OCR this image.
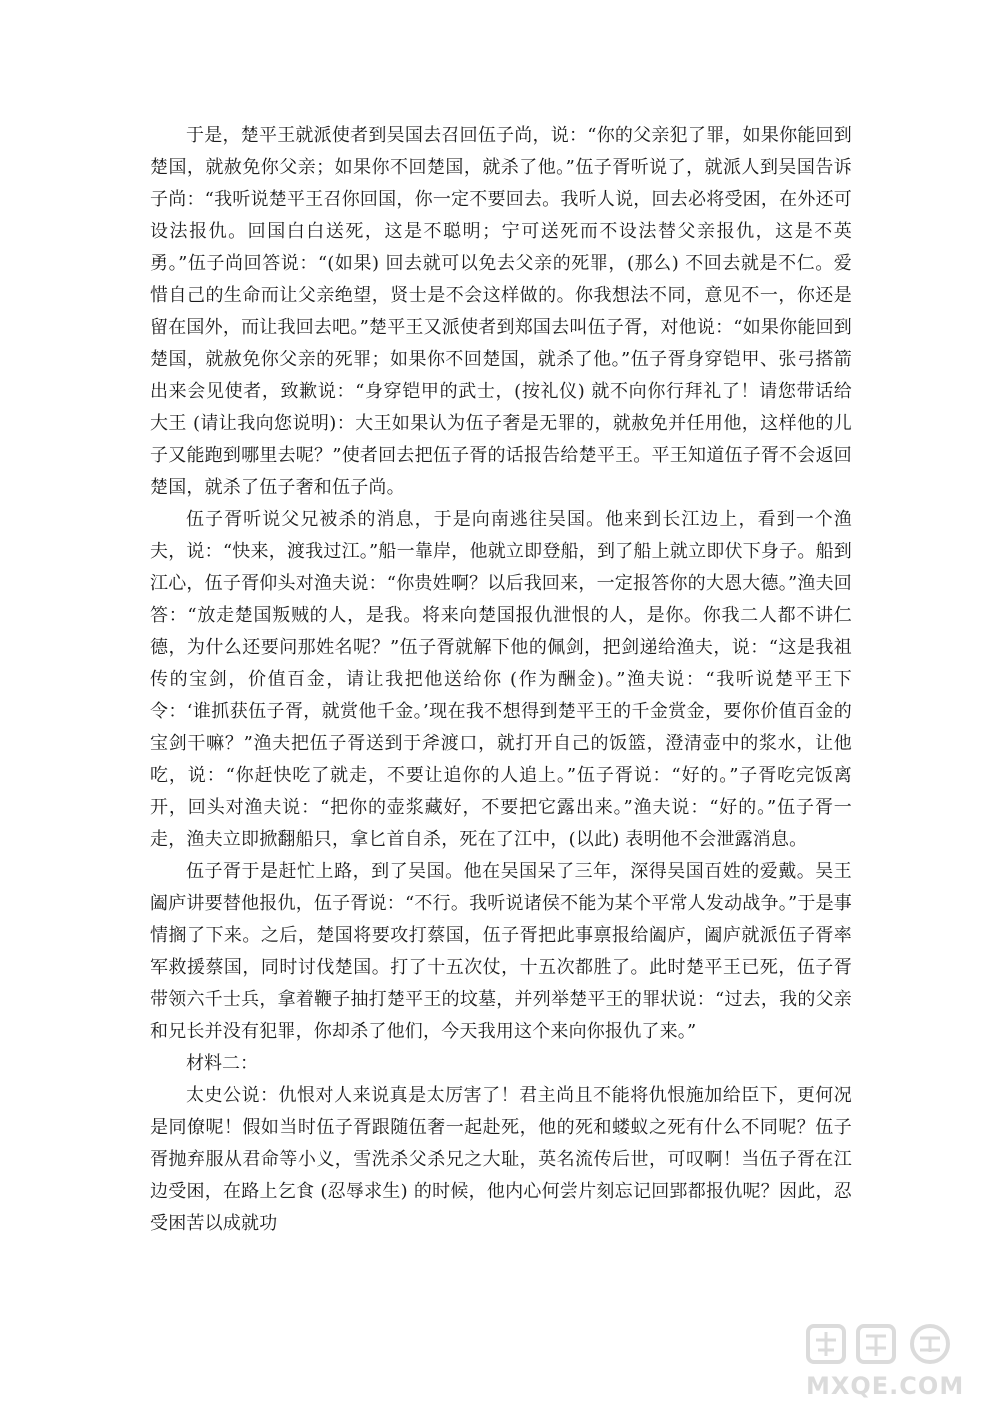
于是，楚平王就派使者到吴国去召回伍子尚，说：“你的父亲犯了罪，如果你能回到楚国，就赦免你父亲；如果你不回楚国，就杀了他。”伍子胥听说了，就派人到吴国告诉子尚：“我听说楚平王召你回国，你一定不要回去。我听人说，回去必将受困，在外还可设法报仇。回国白白送死，这是不聪明；宁可送死而不设法替父亲报仇，这是不英勇。”伍子尚回答说：“(如果) 回去就可以免去父亲的死罪，(那么) 不回去就是不仁。爱惜自己的生命而让父亲绝望，贤士是不会这样做的。你我想法不同，意见不一，你还是留在国外，而让我回去吧。”楚平王又派使者到郑国去叫伍子胥，对他说：“如果你能回到楚国，就赦免你父亲的死罪；如果你不回楚国，就杀了他。”伍子胥身穿铠甲、张弓搭箭出来会见使者，致歉说：“身穿铠甲的武士，(按礼仪) 就不向你行拜礼了！请您带话给大王 (请让我向您说明)：大王如果认为伍子奢是无罪的，就赦免并任用他，这样他的儿子又能跑到哪里去呢？”使者回去把伍子胥的话报告给楚平王。平王知道伍子胥不会返回楚国，就杀了伍子奢和伍子尚。

伍子胥听说父兄被杀的消息，于是向南逃往吴国。他来到长江边上，看到一个渔夫，说：“快来，渡我过江。”船一靠岸，他就立即登船，到了船上就立即伏下身子。船到江心，伍子胥仰头对渔夫说：“你贵姓啊？以后我回来，一定报答你的大恩大德。”渔夫回答：“放走楚国叛贼的人，是我。将来向楚国报仇泄恨的人，是你。你我二人都不讲仁德，为什么还要问那姓名呢？”伍子胥就解下他的佩剑，把剑递给渔夫，说：“这是我祖传的宝剑，价值百金，请让我把他送给你 (作为酬金)。”渔夫说：“我听说楚平王下令：‘谁抓获伍子胥，就赏他千金。’现在我不想得到楚平王的千金赏金，要你价值百金的宝剑干嘛？”渔夫把伍子胥送到于斧渡口，就打开自己的饭篮，澄清壶中的浆水，让他吃，说：“你赶快吃了就走，不要让追你的人追上。”伍子胥说：“好的。”子胥吃完饭离开，回头对渔夫说：“把你的壶浆藏好，不要把它露出来。”渔夫说：“好的。”伍子胥一走，渔夫立即掀翻船只，拿匕首自杀，死在了江中，(以此) 表明他不会泄露消息。

伍子胥于是赶忙上路，到了吴国。他在吴国呆了三年，深得吴国百姓的爱戴。吴王阖庐讲要替他报仇，伍子胥说：“不行。我听说诸侯不能为某个平常人发动战争。”于是事情搁了下来。之后，楚国将要攻打蔡国，伍子胥把此事禀报给阖庐，阖庐就派伍子胥率军救援蔡国，同时讨伐楚国。打了十五次仗，十五次都胜了。此时楚平王已死，伍子胥带领六千士兵，拿着鞭子抽打楚平王的坟墓，并列举楚平王的罪状说：“过去，我的父亲和兄长并没有犯罪，你却杀了他们，今天我用这个来向你报仇了来。”

材料二：

太史公说：仇恨对人来说真是太厉害了！君主尚且不能将仇恨施加给臣下，更何况是同僚呢！假如当时伍子胥跟随伍奢一起赴死，他的死和蝼蚁之死有什么不同呢？伍子胥抛弃服从君命等小义，雪洗杀父杀兄之大耻，英名流传后世，可叹啊！当伍子胥在江边受困，在路上乞食 (忍辱求生) 的时候，他内心何尝片刻忘记回郢都报仇呢？因此，忍受困苦以成就功

MXQE.COM
